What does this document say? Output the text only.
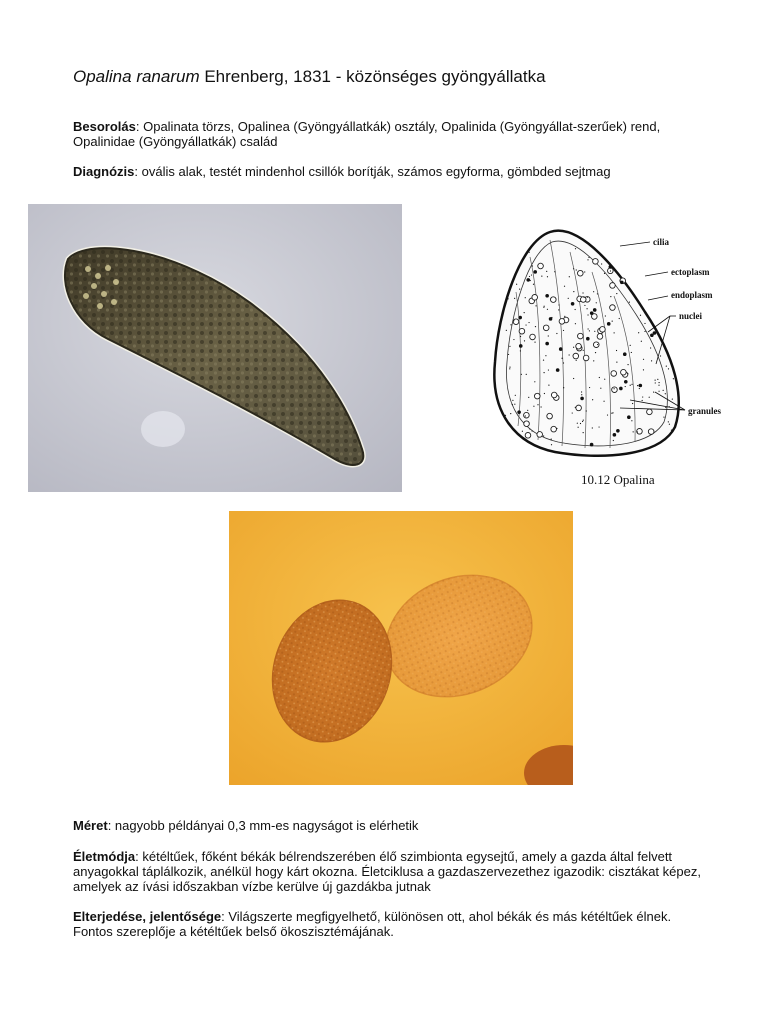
Opalina ranarum Ehrenberg, 1831 - közönséges gyöngyállatka
Besorolás: Opalinata törzs, Opalinea (Gyöngyállatkák) osztály, Opalinida (Gyöngyállat-szerűek) rend, Opalinidae (Gyöngyállatkák) család
Diagnózis: ovális alak, testét mindenhol csillók borítják, számos egyforma, gömbded sejtmag
cilia
ectoplasm
endoplasm
nuclei
granules
10.12 Opalina
Méret: nagyobb példányai 0,3 mm-es nagyságot is elérhetik
Életmódja: kétéltűek, főként békák bélrendszerében élő szimbionta egysejtű, amely a gazda által felvett anyagokkal táplálkozik, anélkül hogy kárt okozna. Életciklusa a gazdaszervezethez igazodik: cisztákat képez, amelyek az ívási időszakban vízbe kerülve új gazdákba jutnak
Elterjedése, jelentősége: Világszerte megfigyelhető, különösen ott, ahol békák és más kétéltűek élnek. Fontos szereplője a kétéltűek belső ökoszisztémájának.
